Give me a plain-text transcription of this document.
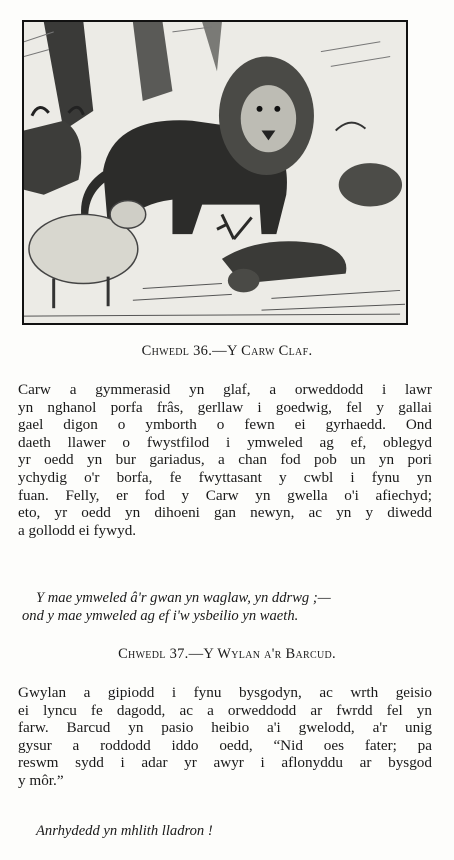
Chwedl 36.—Y Carw Claf.
Carw a gymmerasid yn glaf, a orweddodd i lawr
yn nghanol porfa frâs, gerllaw i goedwig, fel y gallai
gael digon o ymborth o fewn ei gyrhaedd. Ond
daeth llawer o fwystfilod i ymweled ag ef, oblegyd
yr oedd yn bur gariadus, a chan fod pob un yn pori
ychydig o'r borfa, fe fwyttasant y cwbl i fynu yn
fuan. Felly, er fod y Carw yn gwella o'i afiechyd;
eto, yr oedd yn dihoeni gan newyn, ac yn y diwedd
a gollodd ei fywyd.
Y mae ymweled â'r gwan yn waglaw, yn ddrwg ;—
ond y mae ymweled ag ef i'w ysbeilio yn waeth.
Chwedl 37.—Y Wylan a'r Barcud.
Gwylan a gipiodd i fynu bysgodyn, ac wrth geisio
ei lyncu fe dagodd, ac a orweddodd ar fwrdd fel yn
farw. Barcud yn pasio heibio a'i gwelodd, a'r unig
gysur a roddodd iddo oedd, “Nid oes fater; pa
reswm sydd i adar yr awyr i aflonyddu ar bysgod
y môr.”
Anrhydedd yn mhlith lladron !
